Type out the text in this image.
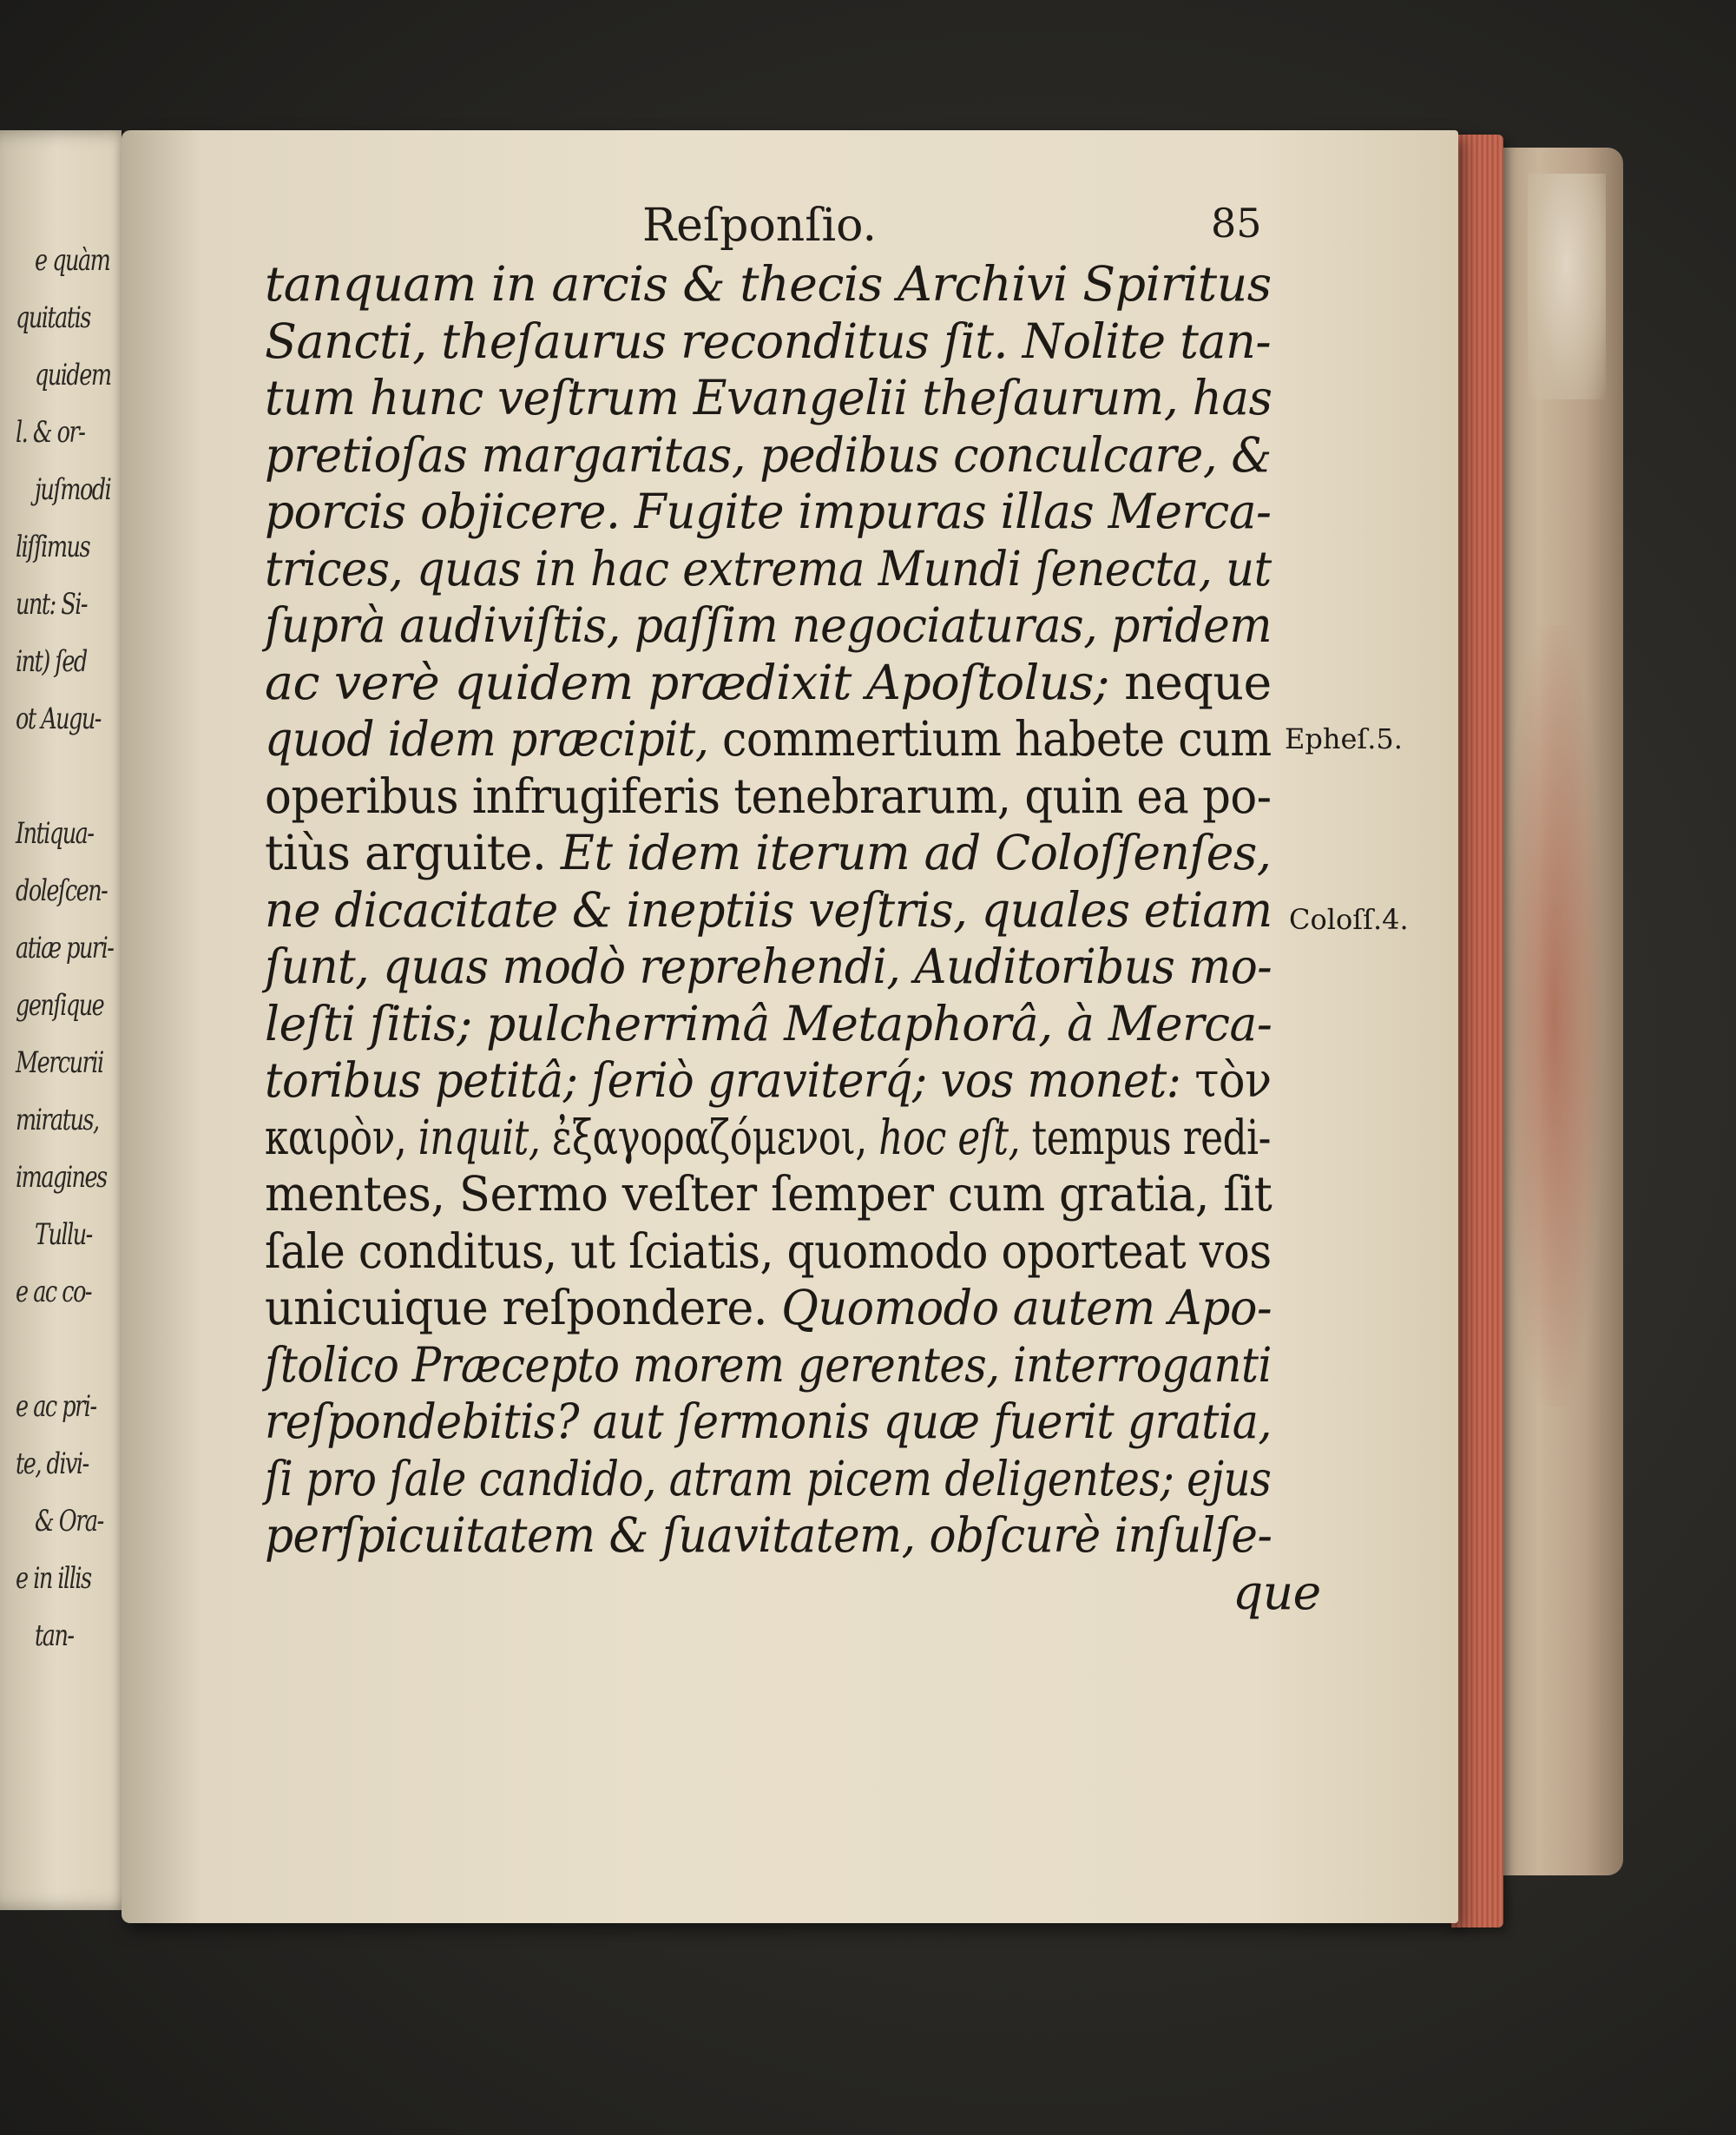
e quàm
quitatis
quidem
l. & or-
juſmodi
liſſimus
unt: Si-
int) ſed
ot Augu-
Intiqua-
doleſcen-
atiæ puri-
genſique
Mercurii
miratus,
imagines
Tullu-
e ac co-
e ac pri-
te, divi-
& Ora-
e in illis
tan-
Reſponſio.	85
tanquam in arcis & thecis Archivi Spiritus
Sancti, theſaurus reconditus ſit. Nolite tan-
tum hunc veſtrum Evangelii theſaurum, has
pretioſas margaritas, pedibus conculcare, &
porcis objicere. Fugite impuras illas Merca-
trices, quas in hac extrema Mundi ſenecta, ut
ſuprà audiviſtis, paſſim negociaturas, pridem
ac verè quidem prædixit Apoſtolus; neque
quod idem præcipit, commertium habete cum
operibus infrugiferis tenebrarum, quin ea po-
tiùs arguite. Et idem iterum ad Coloſſenſes,
ne dicacitate & ineptiis veſtris, quales etiam
ſunt, quas modò reprehendi, Auditoribus mo-
leſti ſitis; pulcherrimâ Metaphorâ, à Merca-
toribus petitâ; ſeriò graviterq́; vos monet: τὸν
καιρὸν, inquit, ἐξαγοραζόμενοι, hoc eſt, tempus redi-
mentes, Sermo veſter ſemper cum gratia, ſit
ſale conditus, ut ſciatis, quomodo oporteat vos
unicuique reſpondere. Quomodo autem Apo-
ſtolico Præcepto morem gerentes, interroganti
reſpondebitis? aut ſermonis quæ fuerit gratia,
ſi pro ſale candido, atram picem deligentes; ejus
perſpicuitatem & ſuavitatem, obſcurè inſulſe-
que
Epheſ.5.
Coloſſ.4.
